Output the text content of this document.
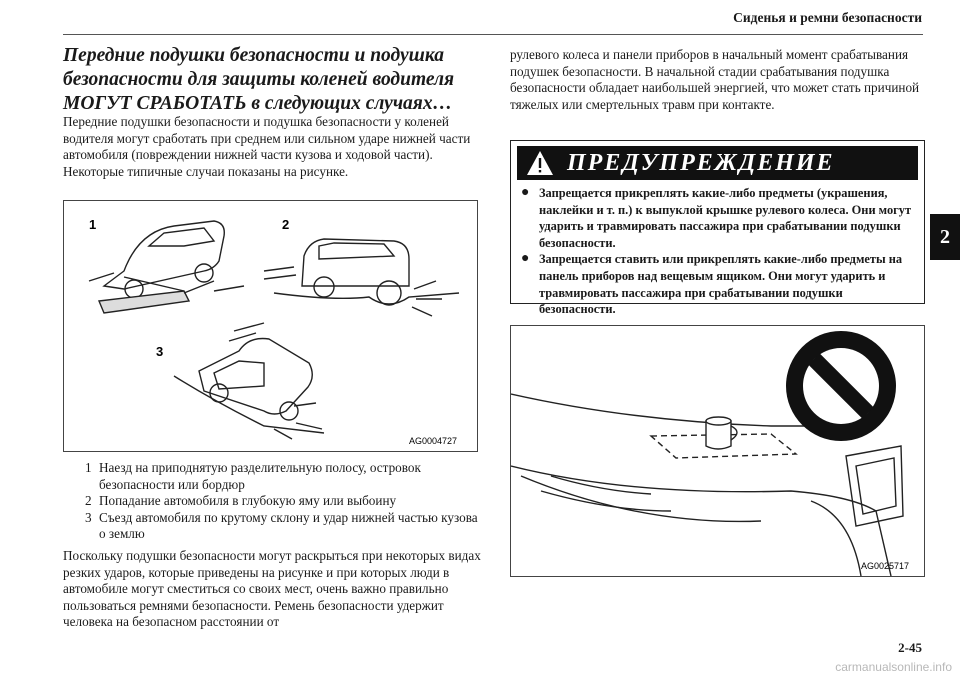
Сиденья и ремни безопасности
2
Передние подушки безопасности и подушка безопасности для защиты коленей водителя МОГУТ СРАБОТАТЬ в следующих случаях…
Передние подушки безопасности и подушка безопасности у коленей водителя могут сработать при среднем или сильном ударе нижней части автомобиля (повреждении нижней части кузова и ходовой части).
Некоторые типичные случаи показаны на рисунке.
1	2
3
AG0004727
1 Наезд на приподнятую разделительную полосу, островок безопасности или бордюр
2 Попадание автомобиля в глубокую яму или выбоину
3 Съезд автомобиля по крутому склону и удар нижней частью кузова о землю
Поскольку подушки безопасности могут раскрыться при некоторых видах резких ударов, которые приведены на рисунке и при которых люди в автомобиле могут сместиться со своих мест, очень важно правильно пользоваться ремнями безопасности. Ремень безопасности удержит человека на безопасном расстоянии от
рулевого колеса и панели приборов в начальный момент срабатывания подушек безопасности. В начальной стадии срабатывания подушка безопасности обладает наибольшей энергией, что может стать причиной тяжелых или смертельных травм при контакте.
ПРЕДУПРЕЖДЕНИЕ
● Запрещается прикреплять какие-либо предметы (украшения, наклейки и т. п.) к выпуклой крышке рулевого колеса. Они могут ударить и травмировать пассажира при срабатывании подушки безопасности.
● Запрещается ставить или прикреплять какие-либо предметы на панель приборов над вещевым ящиком. Они могут ударить и травмировать пассажира при срабатывании подушки безопасности.
AG0025717
2-45
carmanualsonline.info
